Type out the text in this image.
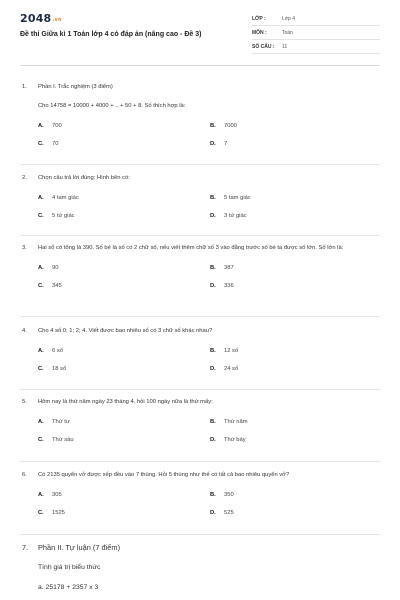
2048.vn
Đề thi Giữa kì 1 Toán lớp 4 có đáp án (nâng cao - Đề 3)
LỚP :	Lớp 4
MÔN :	Toán
SỐ CÂU :	11
1. Phần I. Trắc nghiệm (3 điểm)
Cho 14758 = 10000 + 4000 + .. + 50 + 8. Số thích hợp là:
A.	700	B.	7000
C.	70	D.	7
2. Chọn câu trả lời đúng: Hình bên có:
A.	4 tam giác	B.	5 tam giác
C.	5 tứ giác	D.	3 tứ giác
3. Hai số có tổng là 390. Số bé là số có 2 chữ số, nếu viết thêm chữ số 3 vào đằng trước số bé ta được số lớn. Số lớn là:
A.	90	B.	387
C.	345	D.	336
4. Cho 4 số 0; 1; 2; 4. Viết được bao nhiêu số có 3 chữ số khác nhau?
A.	6 số	B.	12 số
C.	18 số	D.	24 số
5. Hôm nay là thứ năm ngày 23 tháng 4, hỏi 100 ngày nữa là thứ mấy:
A.	Thứ tư	B.	Thứ năm
C.	Thứ sáu	D.	Thứ bảy
6. Có 2135 quyển vở được xếp đều vào 7 thùng. Hỏi 5 thùng như thế có tất cả bao nhiêu quyển vở?
A.	305	B.	350
C.	1525	D.	525
7. Phần II. Tự luận (7 điểm)
Tính giá trị biểu thức
a. 25178 + 2357 x 3
